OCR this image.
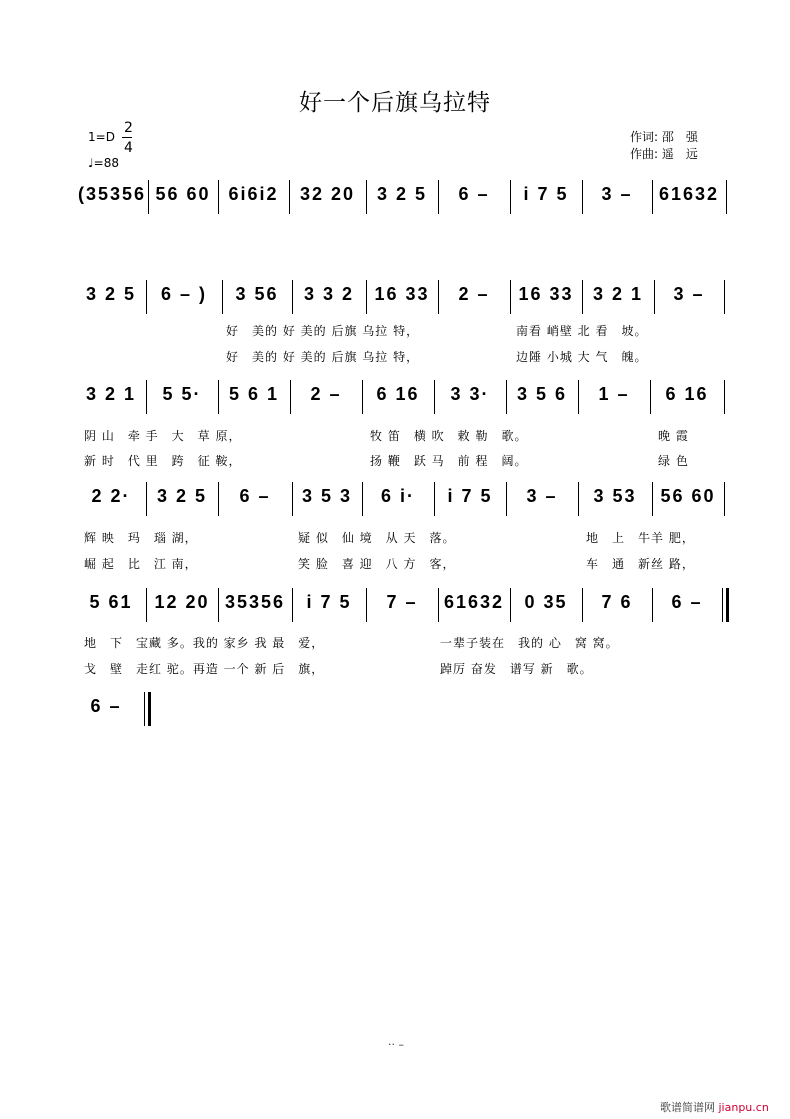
好一个后旗乌拉特
1=D
2
4
♩=88
作词: 邵　强
作曲: 遥　远
(35356 56 60 6i6i2	32 20	3 2 5	6 –	i 7 5	3 –	61632
3 2 5	6 – )	3 56	3 3 2	16 33	2 –	16 33	3 2 1	3 –
好　美的 好 美的 后旗 乌拉 特，	南看 峭壁 北 看　坡。
好　美的 好 美的 后旗 乌拉 特，	边陲 小城 大 气　魄。
3 2 1	5 5·	5 6 1	2 –	6 16	3 3·	3 5 6	1 –	6 16
阴 山　牵 手　大　草 原，	牧 笛　横 吹　敕 勒　歌。	晚 霞
新 时　代 里　跨　征 鞍，	扬 鞭　跃 马　前 程　阔。	绿 色
2 2·	3 2 5	6 –	3 5 3	6 i·	i 7 5	3 –	3 53	56 60
辉 映　玛　瑙 湖，	疑 似　仙 境　从 天　落。	地　上　牛羊 肥，
崛 起　比　江 南，	笑 脸　喜 迎　八 方　客，	车　通　新丝 路，
5 61	12 20 35356	i 7 5	7 –	61632	0 35	7 6	6 –
地　下　宝藏 多。我的 家乡 我 最　爱，	一辈子装在　我的 心　窝 窝。
戈　壁　走红 驼。再造 一个 新 后　旗，	踔厉 奋发　谱写 新　歌。
6 –
·· –
歌谱简谱网 jianpu.cn
